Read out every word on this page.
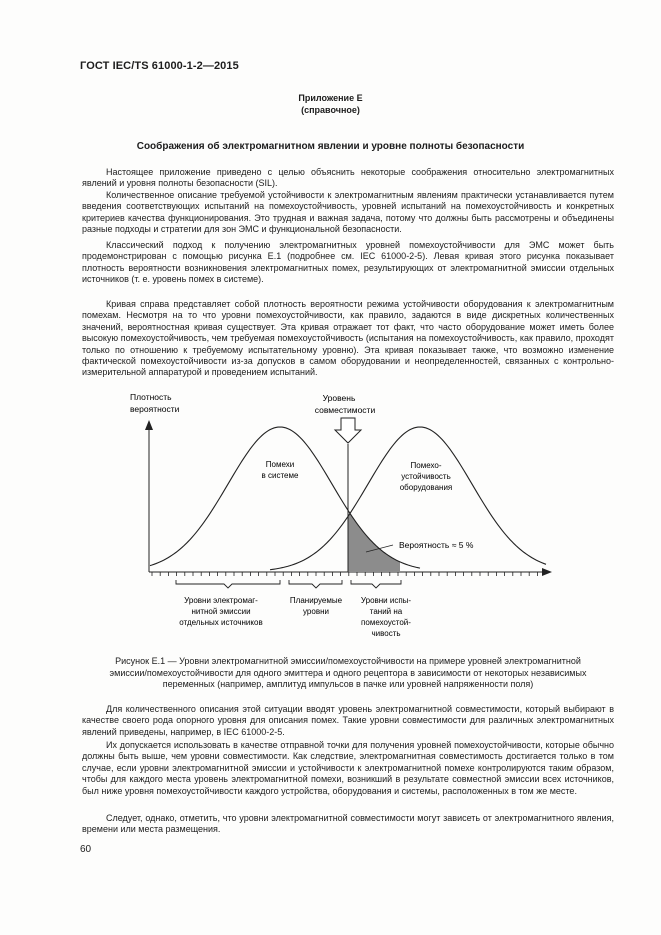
ГОСТ IEC/TS 61000-1-2—2015
Приложение Е
(справочное)
Соображения об электромагнитном явлении и уровне полноты безопасности

Настоящее приложение приведено с целью объяснить некоторые соображения относительно электромагнитных явлений и уровня полноты безопасности (SIL).

Количественное описание требуемой устойчивости к электромагнитным явлениям практически устанавливается путем введения соответствующих испытаний на помехоустойчивость, уровней испытаний на помехоустойчивость и конкретных критериев качества функционирования. Это трудная и важная задача, потому что должны быть рассмотрены и объединены разные подходы и стратегии для зон ЭМС и функциональной безопасности.

Классический подход к получению электромагнитных уровней помехоустойчивости для ЭМС может быть продемонстрирован с помощью рисунка Е.1 (подробнее см. IEC 61000-2-5). Левая кривая этого рисунка показывает плотность вероятности возникновения электромагнитных помех, результирующих от электромагнитной эмиссии отдельных источников (т. е. уровень помех в системе).

Кривая справа представляет собой плотность вероятности режима устойчивости оборудования к электромагнитным помехам. Несмотря на то что уровни помехоустойчивости, как правило, задаются в виде дискретных количественных значений, вероятностная кривая существует. Эта кривая отражает тот факт, что часто оборудование может иметь более высокую помехоустойчивость, чем требуемая помехоустойчивость (испытания на помехоустойчивость, как правило, проходят только по отношению к требуемому испытательному уровню). Эта кривая показывает также, что возможно изменение фактической помехоустойчивости из-за допусков в самом оборудовании и неопределенностей, связанных с контрольно-измерительной аппаратурой и проведением испытаний.

Плотность
вероятности
Уровень
совместимости
Помехи
в системе
Помехо-
устойчивость
оборудования
Вероятность ≈ 5 %
Уровни электромаг-
нитной эмиссии
отдельных источников
Планируемые
уровни
Уровни испы-
таний на
помехоустой-
чивость

Рисунок Е.1 — Уровни электромагнитной эмиссии/помехоустойчивости на примере уровней электромагнитной
эмиссии/помехоустойчивости для одного эмиттера и одного рецептора в зависимости от некоторых независимых
переменных (например, амплитуд импульсов в пачке или уровней напряженности поля)

Для количественного описания этой ситуации вводят уровень электромагнитной совместимости, который выбирают в качестве своего рода опорного уровня для описания помех. Такие уровни совместимости для различных электромагнитных явлений приведены, например, в IEC 61000-2-5.

Их допускается использовать в качестве отправной точки для получения уровней помехоустойчивости, которые обычно должны быть выше, чем уровни совместимости. Как следствие, электромагнитная совместимость достигается только в том случае, если уровни электромагнитной эмиссии и устойчивости к электромагнитной помехе контролируются таким образом, чтобы для каждого места уровень электромагнитной помехи, возникший в результате совместной эмиссии всех источников, был ниже уровня помехоустойчивости каждого устройства, оборудования и системы, расположенных в том же месте.

Следует, однако, отметить, что уровни электромагнитной совместимости могут зависеть от электромагнитного явления, времени или места размещения.

60
